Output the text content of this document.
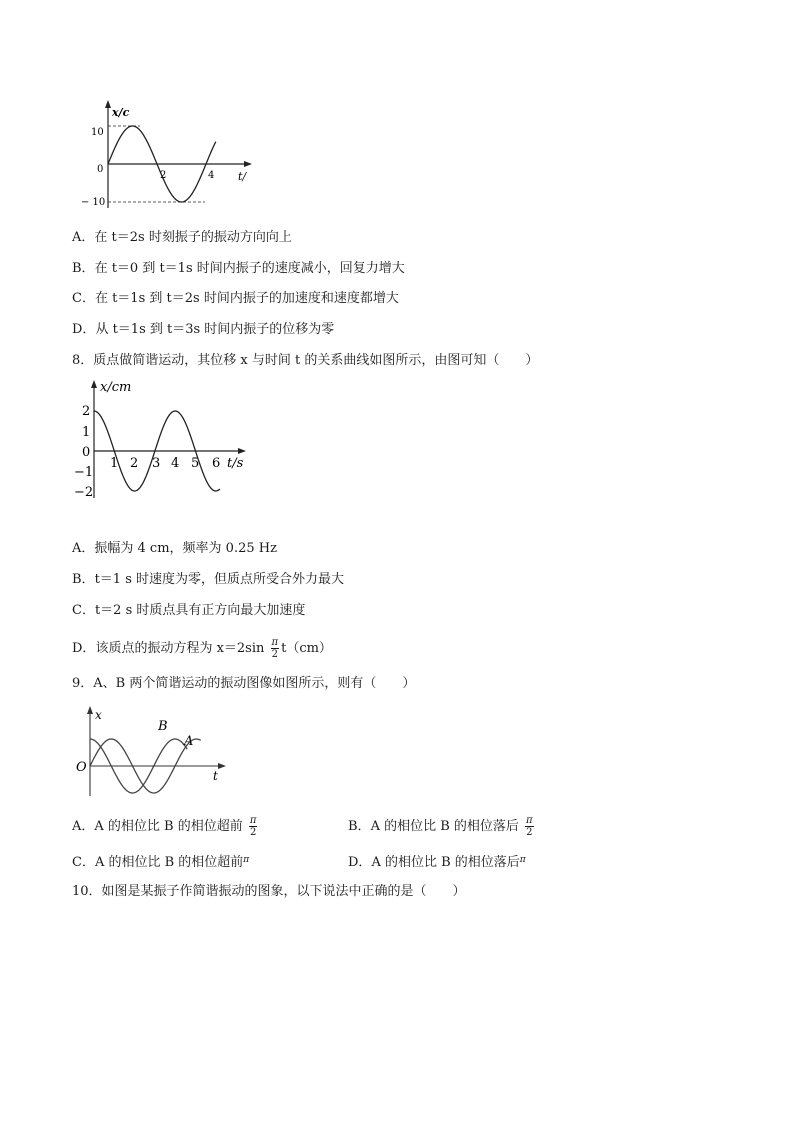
x/c
10
0
− 10
2	4 t/
A．在 t＝2s 时刻振子的振动方向向上
B．在 t＝0 到 t＝1s 时间内振子的速度减小，回复力增大
C．在 t＝1s 到 t＝2s 时间内振子的加速度和速度都增大
D．从 t＝1s 到 t＝3s 时间内振子的位移为零
8．质点做简谐运动，其位移 x 与时间 t 的关系曲线如图所示，由图可知（　　）
x/cm
2
1
0
−1
−2
1 2 3 4 5 6 t/s
A．振幅为 4 cm，频率为 0.25 Hz
B．t＝1 s 时速度为零，但质点所受合外力最大
C．t＝2 s 时质点具有正方向最大加速度
D．该质点的振动方程为 $x=2\sin \frac{\pi}{2} t(cm)$
9．A、B 两个简谐运动的振动图像如图所示，则有（　　）
x
O
t
B
A
A．A 的相位比 B 的相位超前 $\frac{\pi}{2}$	B．A 的相位比 B 的相位落后 $\frac{\pi}{2}$
C．A 的相位比 B 的相位超前$^\pi$	D．A 的相位比 B 的相位落后$^\pi$
10．如图是某振子作简谐振动的图象，以下说法中正确的是（　　）
